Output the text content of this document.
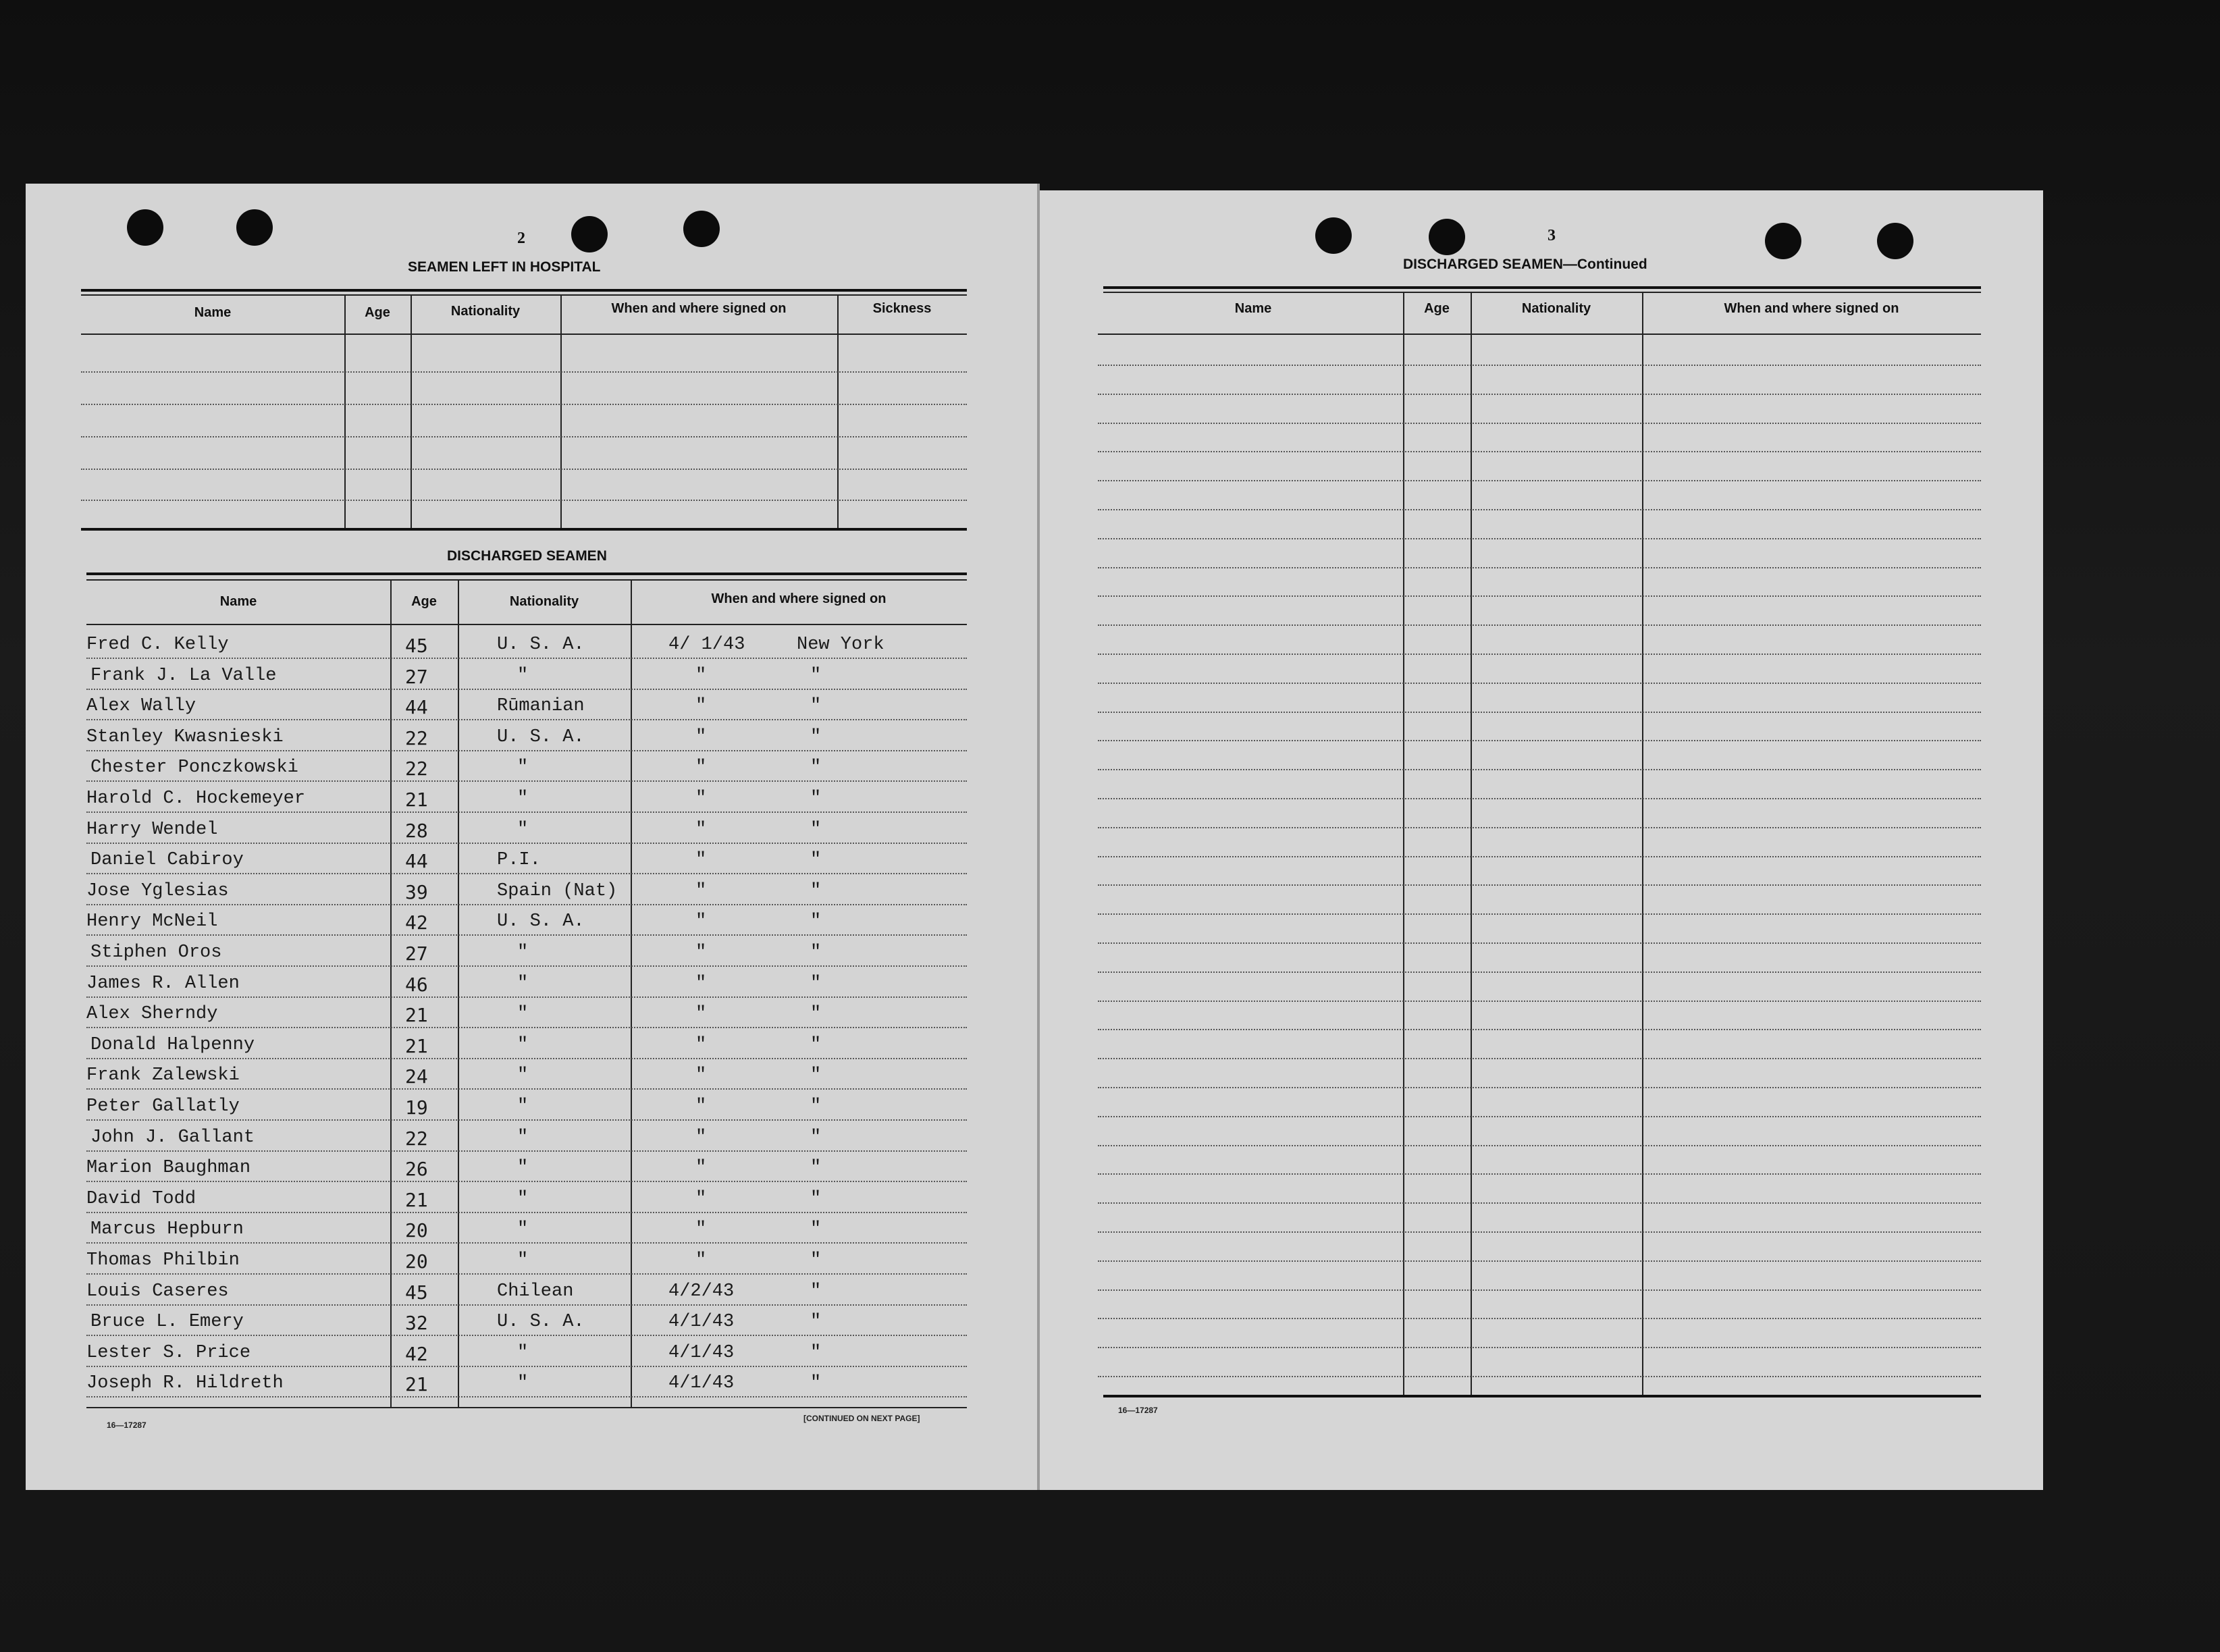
2
SEAMEN LEFT IN HOSPITAL
Name	Age	Nationality	When and where signed on	Sickness
DISCHARGED SEAMEN
Name	Age	Nationality	When and where signed on
Fred C. Kelly	45	U. S. A.	4/ 1/43	New York
Frank J. La Valle	27	"	"	"
Alex Wally	44	Rūmanian	"	"
Stanley Kwasnieski	22	U. S. A.	"	"
Chester Ponczkowski	22	"	"	"
Harold C. Hockemeyer	21	"	"	"
Harry Wendel	28	"	"	"
Daniel Cabiroy	44	P.I.	"	"
Jose Yglesias	39	Spain (Nat)	"	"
Henry McNeil	42	U. S. A.	"	"
Stiphen Oros	27	"	"	"
James R. Allen	46	"	"	"
Alex Sherndy	21	"	"	"
Donald Halpenny	21	"	"	"
Frank Zalewski	24	"	"	"
Peter Gallatly	19	"	"	"
John J. Gallant	22	"	"	"
Marion Baughman	26	"	"	"
David Todd	21	"	"	"
Marcus Hepburn	20	"	"	"
Thomas Philbin	20	"	"	"
Louis Caseres	45	Chilean	4/2/43	"
Bruce L. Emery	32	U. S. A.	4/1/43	"
Lester S. Price	42	"	4/1/43	"
Joseph R. Hildreth	21	"	4/1/43	"
16—17287
[CONTINUED ON NEXT PAGE]
3
DISCHARGED SEAMEN—Continued
Name	Age	Nationality	When and where signed on
16—17287
